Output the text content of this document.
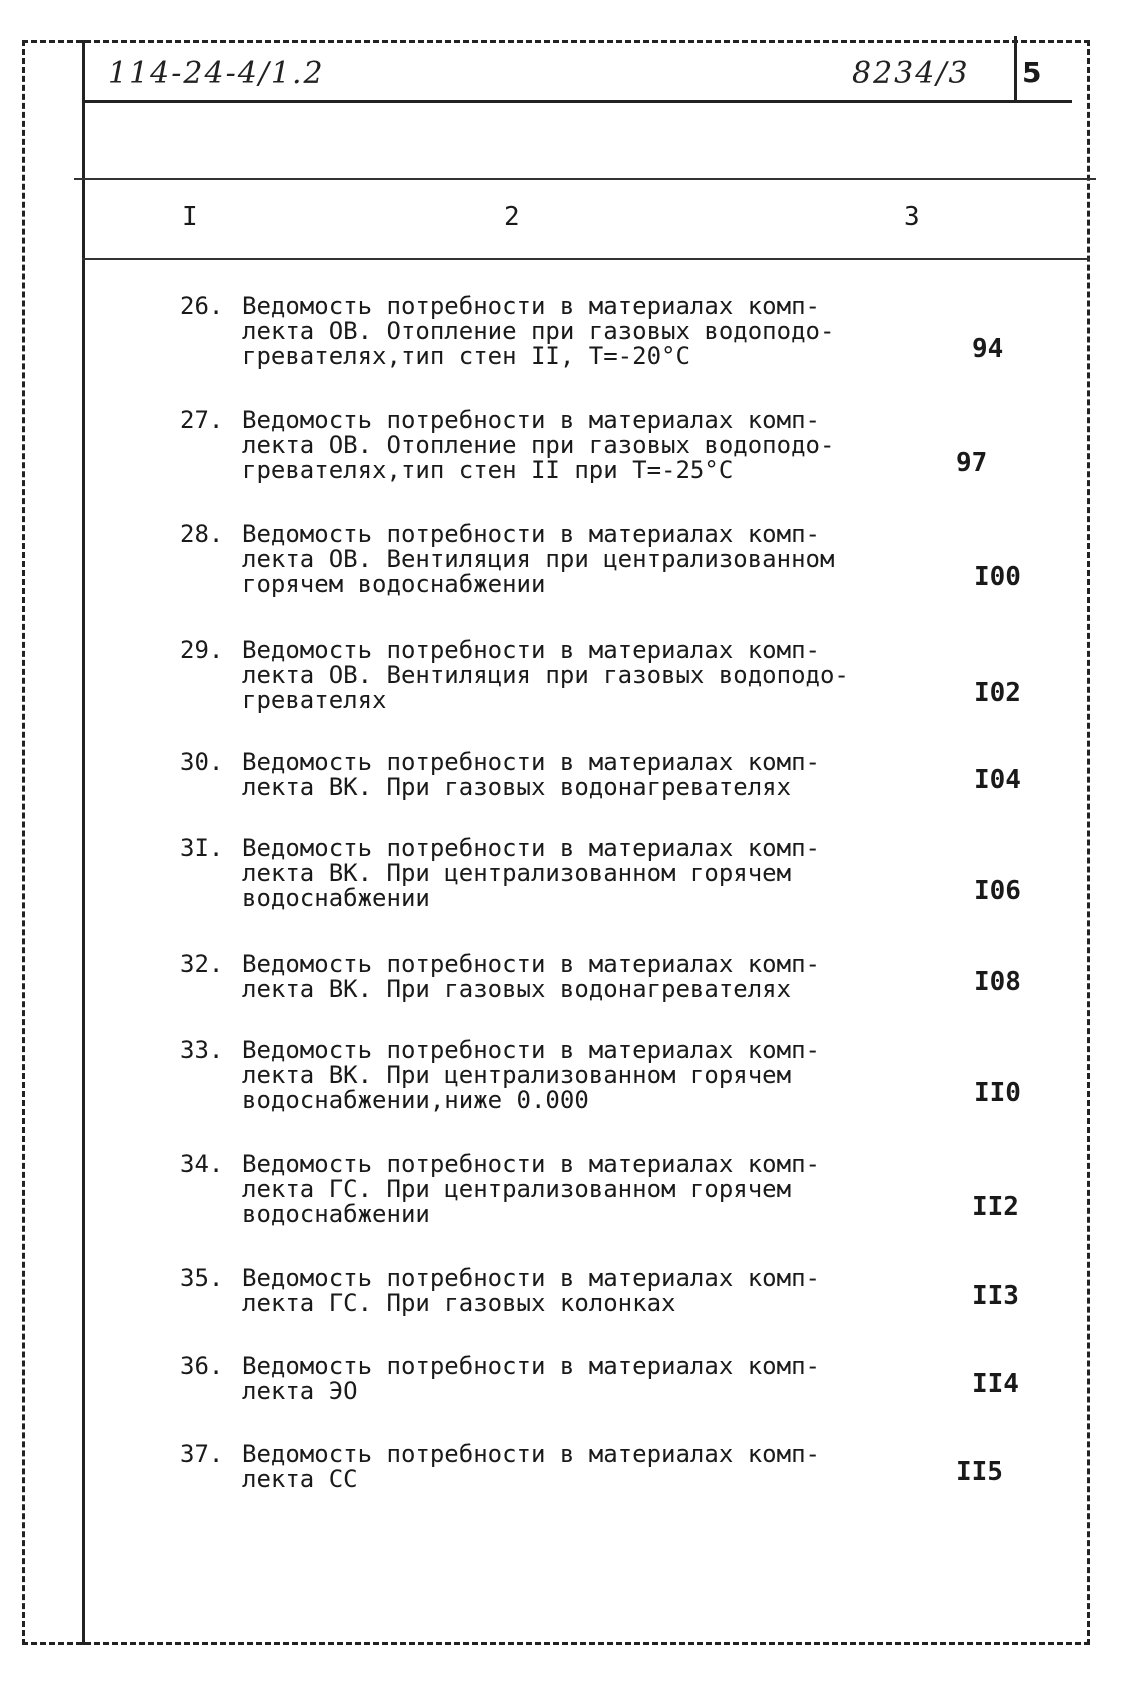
114-24-4/1.2	8234/3 5
I	2	3
26. Ведомость потребности в материалах комп-
лекта ОВ. Отопление при газовых водоподо-
гревателях,тип стен II, Т=-20°С	94
27. Ведомость потребности в материалах комп-
лекта ОВ. Отопление при газовых водоподо-
гревателях,тип стен II при Т=-25°С	97
28. Ведомость потребности в материалах комп-
лекта ОВ. Вентиляция при централизованном
горячем водоснабжении	I00
29. Ведомость потребности в материалах комп-
лекта ОВ. Вентиляция при газовых водоподо-
гревателях	I02
30. Ведомость потребности в материалах комп-
лекта ВК. При газовых водонагревателях	I04
3I. Ведомость потребности в материалах комп-
лекта ВК. При централизованном горячем
водоснабжении	I06
32. Ведомость потребности в материалах комп-
лекта ВК. При газовых водонагревателях	I08
33. Ведомость потребности в материалах комп-
лекта ВК. При централизованном горячем
водоснабжении,ниже 0.000	II0
34. Ведомость потребности в материалах комп-
лекта ГС. При централизованном горячем
водоснабжении	II2
35. Ведомость потребности в материалах комп-
лекта ГС. При газовых колонках	II3
36. Ведомость потребности в материалах комп-
лекта ЭО	II4
37. Ведомость потребности в материалах комп-
лекта СС	II5
